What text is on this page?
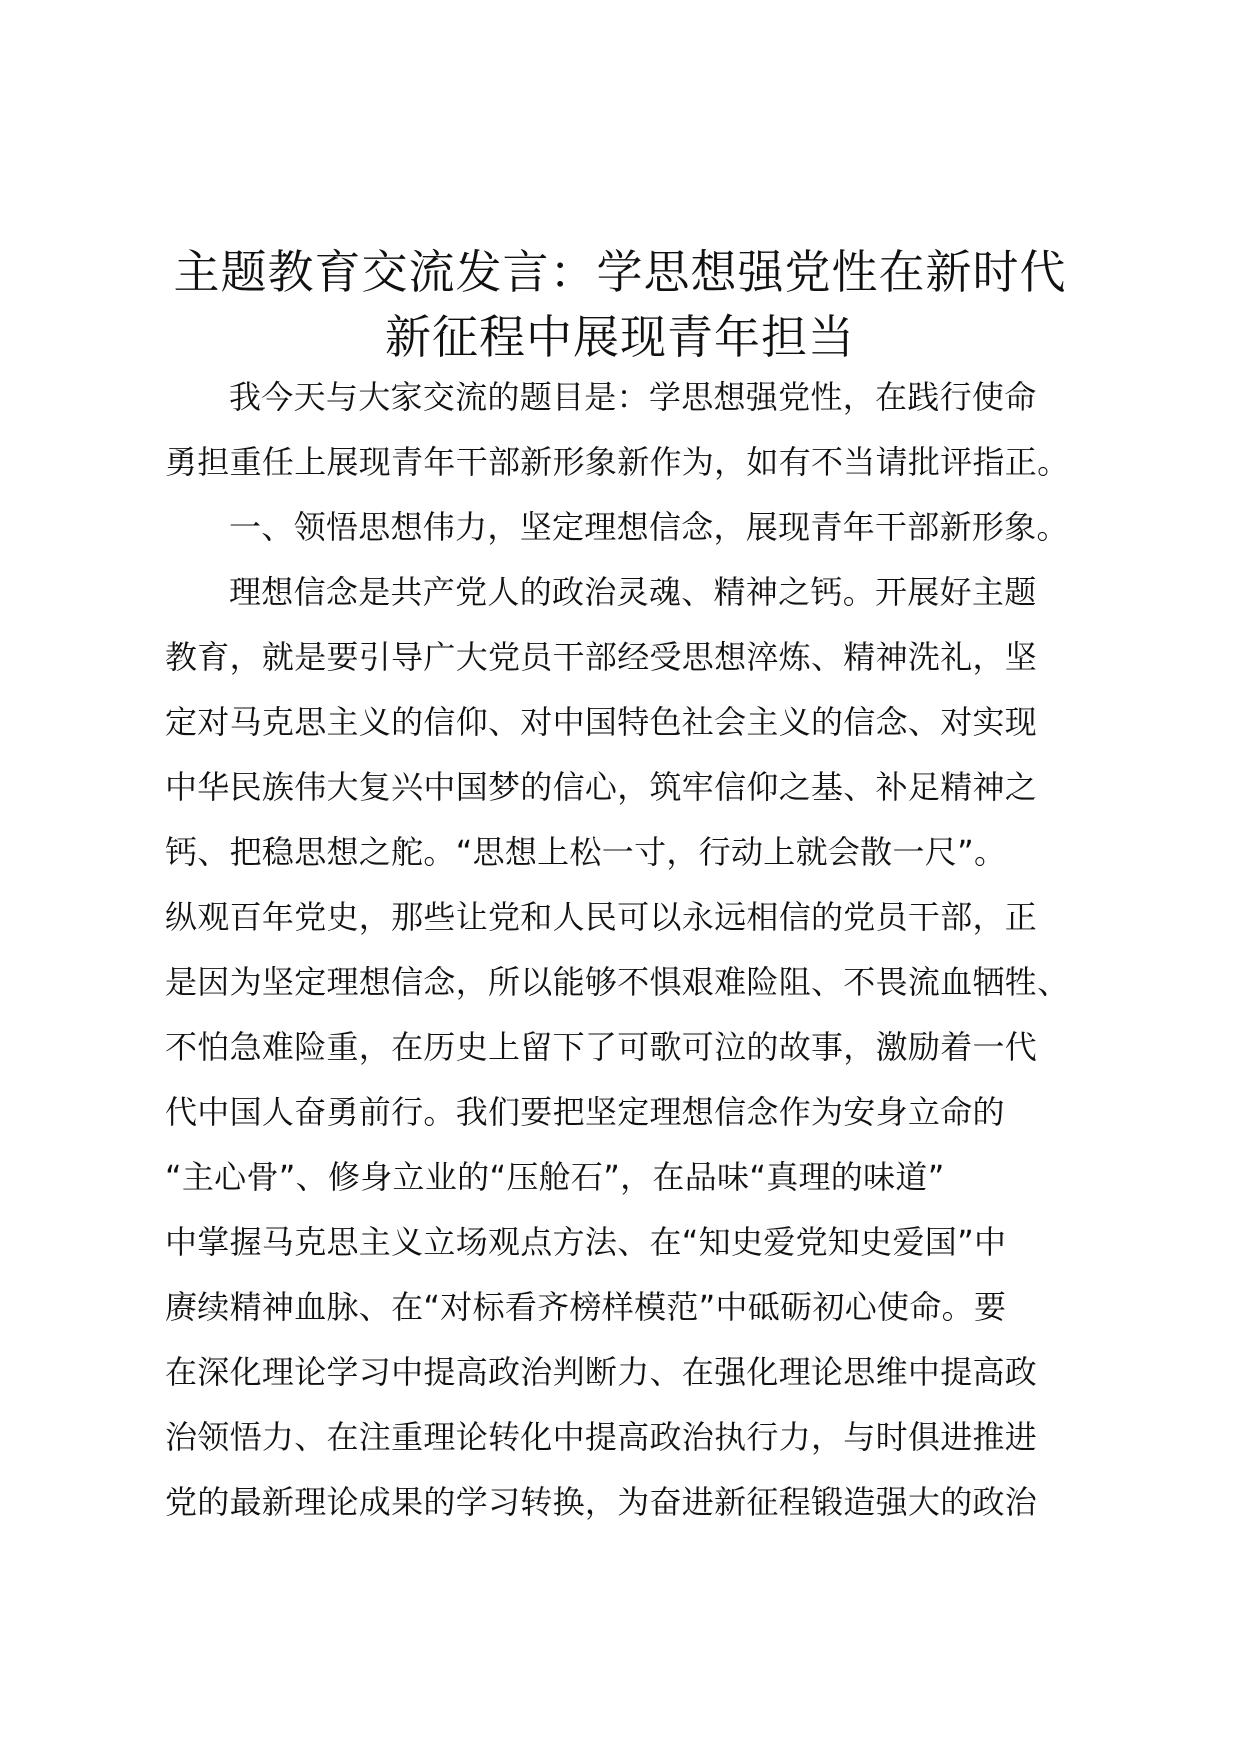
主题教育交流发言：学思想强党性在新时代
新征程中展现青年担当
我今天与大家交流的题目是：学思想强党性，在践行使命
勇担重任上展现青年干部新形象新作为，如有不当请批评指正。
一、领悟思想伟力，坚定理想信念，展现青年干部新形象。
理想信念是共产党人的政治灵魂、精神之钙。开展好主题
教育，就是要引导广大党员干部经受思想淬炼、精神洗礼，坚
定对马克思主义的信仰、对中国特色社会主义的信念、对实现
中华民族伟大复兴中国梦的信心，筑牢信仰之基、补足精神之
钙、把稳思想之舵。“思想上松一寸，行动上就会散一尺”。
纵观百年党史，那些让党和人民可以永远相信的党员干部，正
是因为坚定理想信念，所以能够不惧艰难险阻、不畏流血牺牲、
不怕急难险重，在历史上留下了可歌可泣的故事，激励着一代
代中国人奋勇前行。我们要把坚定理想信念作为安身立命的
“主心骨”、修身立业的“压舱石”，在品味“真理的味道”
中掌握马克思主义立场观点方法、在“知史爱党知史爱国”中
赓续精神血脉、在“对标看齐榜样模范”中砥砺初心使命。要
在深化理论学习中提高政治判断力、在强化理论思维中提高政
治领悟力、在注重理论转化中提高政治执行力，与时俱进推进
党的最新理论成果的学习转换，为奋进新征程锻造强大的政治
